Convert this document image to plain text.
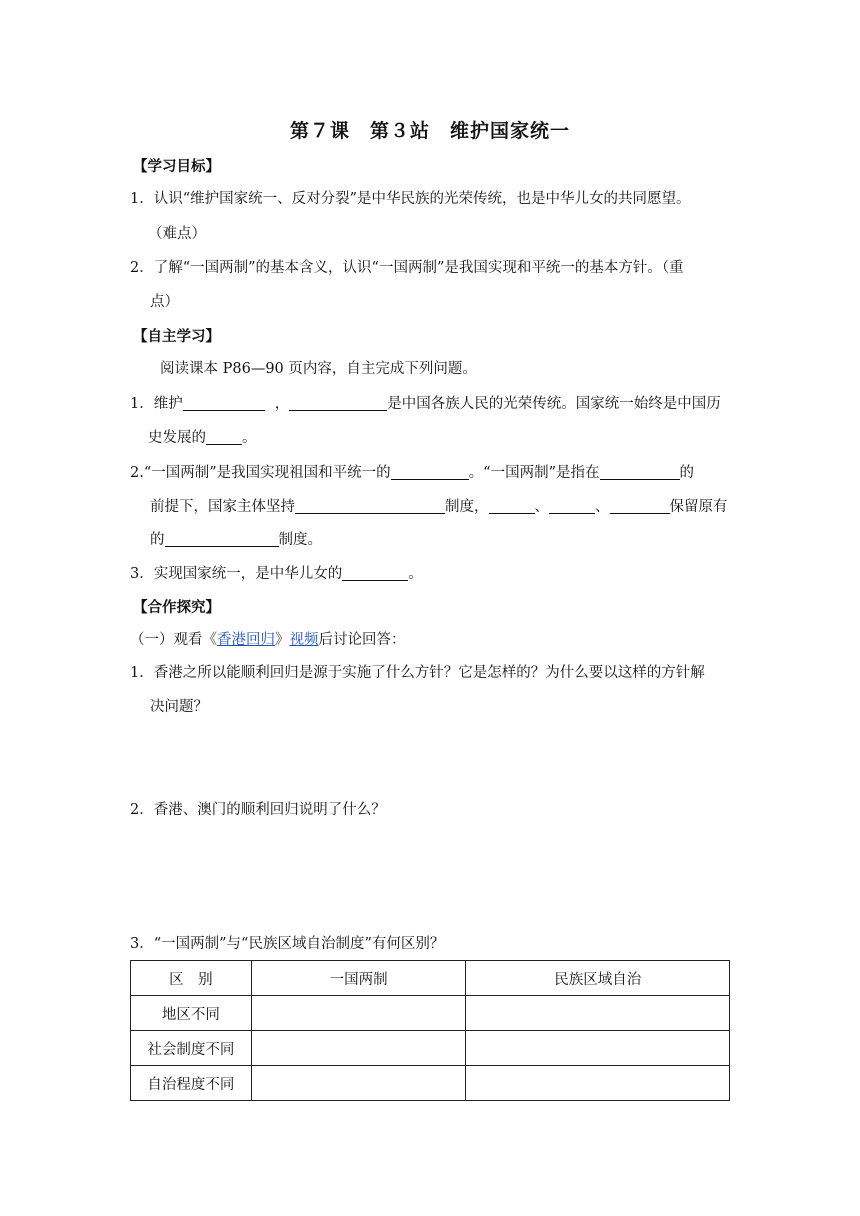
第７课　第３站　维护国家统一
【学习目标】
1．认识“维护国家统一、反对分裂”是中华民族的光荣传统，也是中华儿女的共同愿望。
（难点）
2．了解“一国两制”的基本含义，认识“一国两制”是我国实现和平统一的基本方针。（重
点）
【自主学习】
阅读课本 P86—90 页内容，自主完成下列问题。
1．维护	，	是中国各族人民的光荣传统。国家统一始终是中国历
史发展的 。
2.“一国两制”是我国实现祖国和平统一的	。“一国两制”是指在	的
前提下，国家主体坚持	制度，	、	、	保留原有
的	制度。
3．实现国家统一，是中华儿女的	。
【合作探究】
（一）观看《香港回归》视频后讨论回答：
1．香港之所以能顺利回归是源于实施了什么方针？它是怎样的？为什么要以这样的方针解
决问题？
2．香港、澳门的顺利回归说明了什么？
3．“一国两制”与“民族区域自治制度”有何区别？
区　别	一国两制	民族区域自治
地区不同		
社会制度不同		
自治程度不同		
